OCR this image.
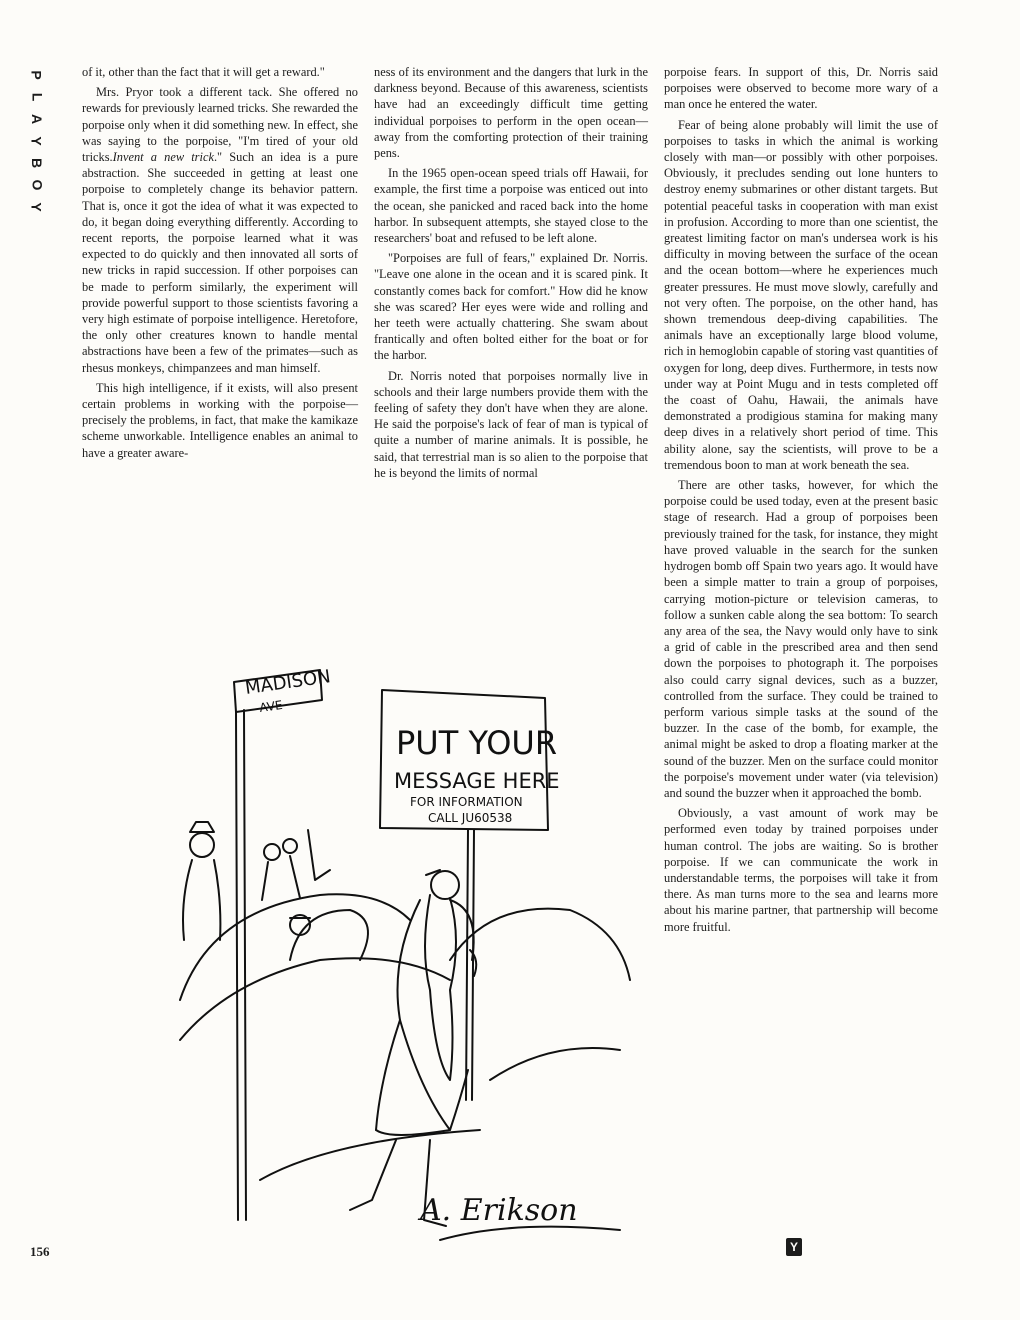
P
L
A
Y
B
O
Y

of it, other than the fact that it will get a reward."

Mrs. Pryor took a different tack. She offered no rewards for previously learned tricks. She rewarded the porpoise only when it did something new. In effect, she was saying to the porpoise, "I'm tired of your old tricks.Invent a new trick." Such an idea is a pure abstraction. She succeeded in getting at least one porpoise to completely change its behavior pattern. That is, once it got the idea of what it was expected to do, it began doing everything differently. According to recent reports, the porpoise learned what it was expected to do quickly and then innovated all sorts of new tricks in rapid succession. If other porpoises can be made to perform similarly, the experiment will provide powerful support to those scientists favoring a very high estimate of porpoise intelligence. Heretofore, the only other creatures known to handle mental abstractions have been a few of the primates—such as rhesus monkeys, chimpanzees and man himself.

This high intelligence, if it exists, will also present certain problems in working with the porpoise—precisely the problems, in fact, that make the kamikaze scheme unworkable. Intelligence enables an animal to have a greater aware-

ness of its environment and the dangers that lurk in the darkness beyond. Because of this awareness, scientists have had an exceedingly difficult time getting individual porpoises to perform in the open ocean—away from the comforting protection of their training pens.

In the 1965 open-ocean speed trials off Hawaii, for example, the first time a porpoise was enticed out into the ocean, she panicked and raced back into the home harbor. In subsequent attempts, she stayed close to the researchers' boat and refused to be left alone.

"Porpoises are full of fears," explained Dr. Norris. "Leave one alone in the ocean and it is scared pink. It constantly comes back for comfort." How did he know she was scared? Her eyes were wide and rolling and her teeth were actually chattering. She swam about frantically and often bolted either for the boat or for the harbor.

Dr. Norris noted that porpoises normally live in schools and their large numbers provide them with the feeling of safety they don't have when they are alone. He said the porpoise's lack of fear of man is typical of quite a number of marine animals. It is possible, he said, that terrestrial man is so alien to the porpoise that he is beyond the limits of normal

porpoise fears. In support of this, Dr. Norris said porpoises were observed to become more wary of a man once he entered the water.

Fear of being alone probably will limit the use of porpoises to tasks in which the animal is working closely with man—or possibly with other porpoises. Obviously, it precludes sending out lone hunters to destroy enemy submarines or other distant targets. But potential peaceful tasks in cooperation with man exist in profusion. According to more than one scientist, the greatest limiting factor on man's undersea work is his difficulty in moving between the surface of the ocean and the ocean bottom—where he experiences much greater pressures. He must move slowly, carefully and not very often. The porpoise, on the other hand, has shown tremendous deep-diving capabilities. The animals have an exceptionally large blood volume, rich in hemoglobin capable of storing vast quantities of oxygen for long, deep dives. Furthermore, in tests now under way at Point Mugu and in tests completed off the coast of Oahu, Hawaii, the animals have demonstrated a prodigious stamina for making many deep dives in a relatively short period of time. This ability alone, say the scientists, will prove to be a tremendous boon to man at work beneath the sea.

There are other tasks, however, for which the porpoise could be used today, even at the present basic stage of research. Had a group of porpoises been previously trained for the task, for instance, they might have proved valuable in the search for the sunken hydrogen bomb off Spain two years ago. It would have been a simple matter to train a group of porpoises, carrying motion-picture or television cameras, to follow a sunken cable along the sea bottom: To search any area of the sea, the Navy would only have to sink a grid of cable in the prescribed area and then send down the porpoises to photograph it. The porpoises also could carry signal devices, such as a buzzer, controlled from the surface. They could be trained to perform various simple tasks at the sound of the buzzer. In the case of the bomb, for example, the animal might be asked to drop a floating marker at the sound of the buzzer. Men on the surface could monitor the porpoise's movement under water (via television) and sound the buzzer when it approached the bomb.

Obviously, a vast amount of work may be performed even today by trained porpoises under human control. The jobs are waiting. So is brother porpoise. If we can communicate the work in understandable terms, the porpoises will take it from there. As man turns more to the sea and learns more about his marine partner, that partnership will become more fruitful.

MADISON
AVE
PUT YOUR
MESSAGE HERE
FOR INFORMATION
CALL JU60538
A. Erikson
156	Y
